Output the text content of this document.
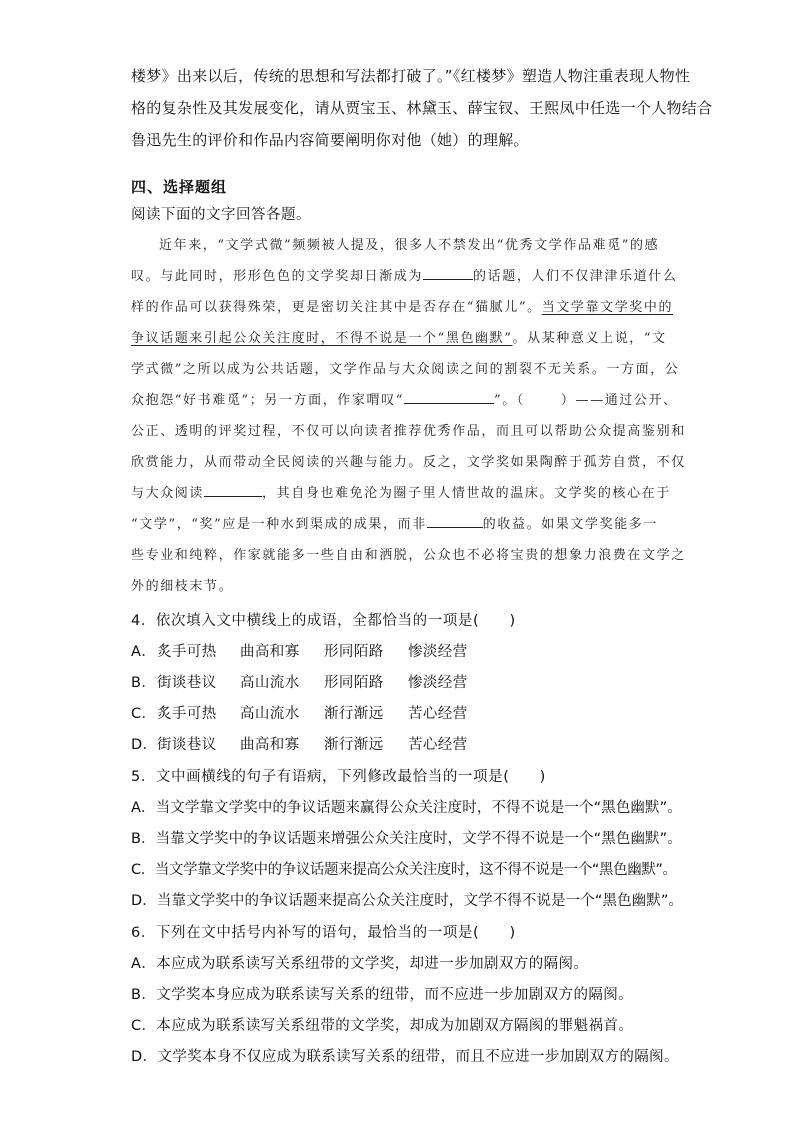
楼梦》出来以后，传统的思想和写法都打破了。”《红楼梦》塑造人物注重表现人物性
格的复杂性及其发展变化，请从贾宝玉、林黛玉、薛宝钗、王熙凤中任选一个人物结合
鲁迅先生的评价和作品内容简要阐明你对他（她）的理解。
四、选择题组
阅读下面的文字回答各题。
近年来，“文学式微”频频被人提及，很多人不禁发出“优秀文学作品难觅”的感
叹。与此同时，形形色色的文学奖却日渐成为	的话题，人们不仅津津乐道什么
样的作品可以获得殊荣，更是密切关注其中是否存在“猫腻儿”。当文学靠文学奖中的
争议话题来引起公众关注度时，不得不说是一个“黑色幽默”。从某种意义上说，“文
学式微”之所以成为公共话题，文学作品与大众阅读之间的割裂不无关系。一方面，公
众抱怨“好书难觅”；另一方面，作家喟叹“	”。（	）——通过公开、
公正、透明的评奖过程，不仅可以向读者推荐优秀作品，而且可以帮助公众提高鉴别和
欣赏能力，从而带动全民阅读的兴趣与能力。反之，文学奖如果陶醉于孤芳自赏，不仅
与大众阅读	，其自身也难免沦为圈子里人情世故的温床。文学奖的核心在于
“文学”，“奖”应是一种水到渠成的成果，而非	的收益。如果文学奖能多一
些专业和纯粹，作家就能多一些自由和洒脱，公众也不必将宝贵的想象力浪费在文学之
外的细枝末节。
4．依次填入文中横线上的成语，全都恰当的一项是(　　)
A．炙手可热 曲高和寡 形同陌路 惨淡经营
B．街谈巷议 高山流水 形同陌路 惨淡经营
C．炙手可热 高山流水 渐行渐远 苦心经营
D．街谈巷议 曲高和寡 渐行渐远 苦心经营
5．文中画横线的句子有语病，下列修改最恰当的一项是(　　)
A．当文学靠文学奖中的争议话题来赢得公众关注度时，不得不说是一个“黑色幽默”。
B．当靠文学奖中的争议话题来增强公众关注度时，文学不得不说是一个“黑色幽默”。
C．当文学靠文学奖中的争议话题来提高公众关注度时，这不得不说是一个“黑色幽默”。
D．当靠文学奖中的争议话题来提高公众关注度时，文学不得不说是一个“黑色幽默”。
6．下列在文中括号内补写的语句，最恰当的一项是(　　)
A．本应成为联系读写关系纽带的文学奖，却进一步加剧双方的隔阂。
B．文学奖本身应成为联系读写关系的纽带，而不应进一步加剧双方的隔阂。
C．本应成为联系读写关系纽带的文学奖，却成为加剧双方隔阂的罪魁祸首。
D．文学奖本身不仅应成为联系读写关系的纽带，而且不应进一步加剧双方的隔阂。
